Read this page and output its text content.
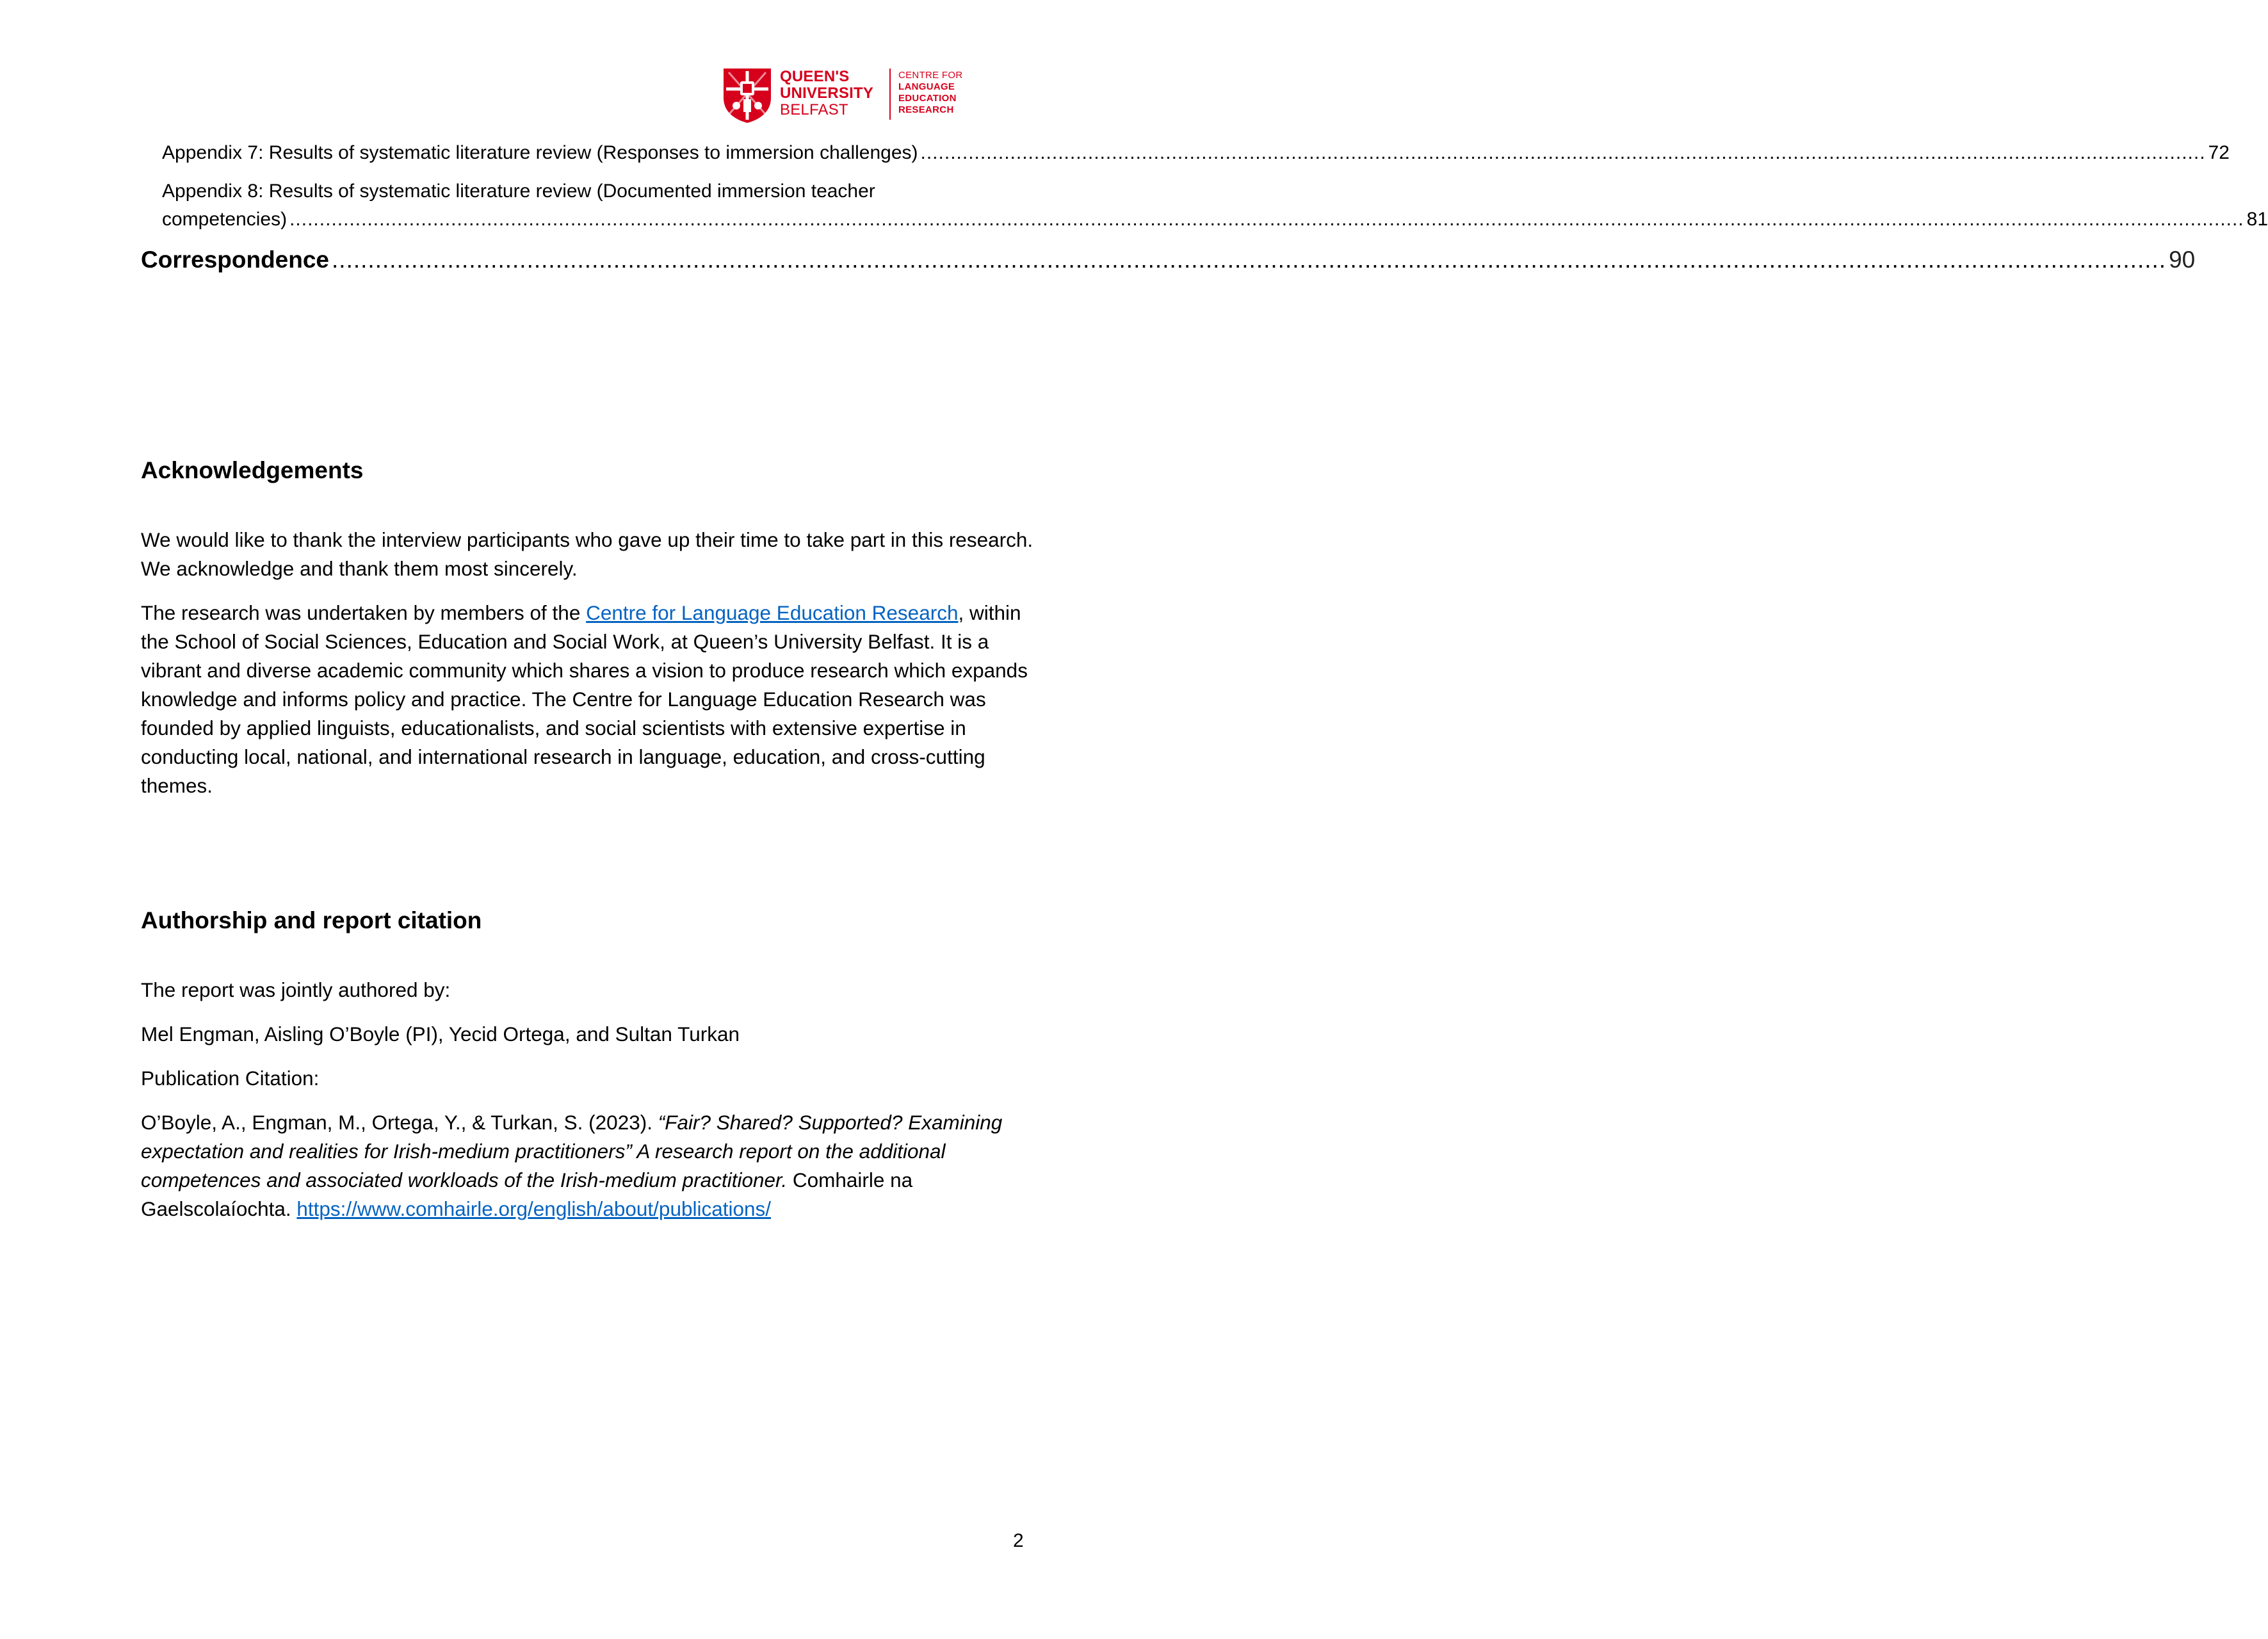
QUEEN'S
UNIVERSITY
BELFAST
CENTRE FOR
LANGUAGE
EDUCATION
RESEARCH
Appendix 7: Results of systematic literature review (Responses to immersion challenges) ....................................................................................................................................................................................................................... 72
Appendix 8: Results of systematic literature review (Documented immersion teacher
competencies) ....................................................................................................................................................................................................................................................................................................................................... 81
Correspondence .............................................................................................................................................................................................................................................................. 90
Acknowledgements

We would like to thank the interview participants who gave up their time to take part in this research. We acknowledge and thank them most sincerely.

The research was undertaken by members of the Centre for Language Education Research, within the School of Social Sciences, Education and Social Work, at Queen’s University Belfast. It is a vibrant and diverse academic community which shares a vision to produce research which expands knowledge and informs policy and practice. The Centre for Language Education Research was founded by applied linguists, educationalists, and social scientists with extensive expertise in conducting local, national, and international research in language, education, and cross-cutting themes.

Authorship and report citation

The report was jointly authored by:

Mel Engman, Aisling O’Boyle (PI), Yecid Ortega, and Sultan Turkan

Publication Citation:

O’Boyle, A., Engman, M., Ortega, Y., & Turkan, S. (2023). “Fair? Shared? Supported? Examining expectation and realities for Irish-medium practitioners” A research report on the additional competences and associated workloads of the Irish-medium practitioner. Comhairle na Gaelscolaíochta. https://www.comhairle.org/english/about/publications/

2
